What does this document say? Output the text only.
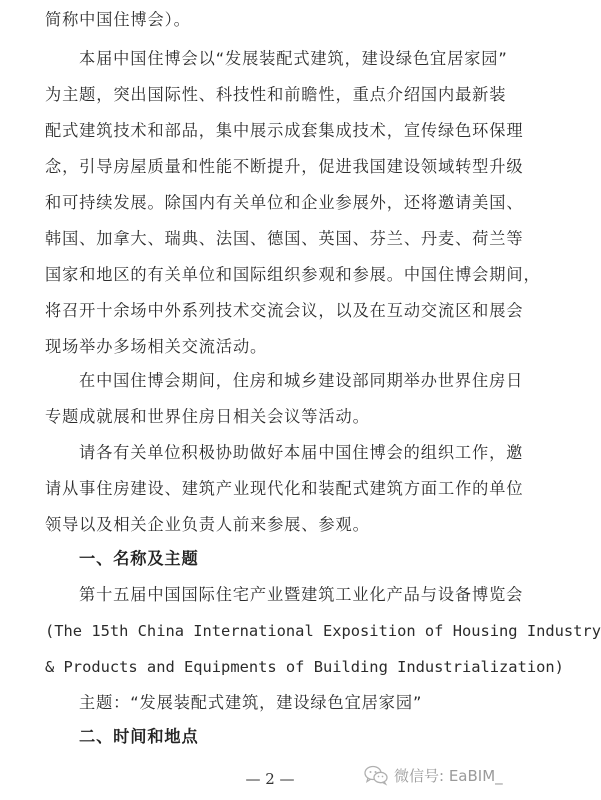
简称中国住博会）。
本届中国住博会以“发展装配式建筑，建设绿色宜居家园”
为主题，突出国际性、科技性和前瞻性，重点介绍国内最新装
配式建筑技术和部品，集中展示成套集成技术，宣传绿色环保理
念，引导房屋质量和性能不断提升，促进我国建设领域转型升级
和可持续发展。除国内有关单位和企业参展外，还将邀请美国、
韩国、加拿大、瑞典、法国、德国、英国、芬兰、丹麦、荷兰等
国家和地区的有关单位和国际组织参观和参展。中国住博会期间，
将召开十余场中外系列技术交流会议，以及在互动交流区和展会
现场举办多场相关交流活动。
在中国住博会期间，住房和城乡建设部同期举办世界住房日
专题成就展和世界住房日相关会议等活动。
请各有关单位积极协助做好本届中国住博会的组织工作，邀
请从事住房建设、建筑产业现代化和装配式建筑方面工作的单位
领导以及相关企业负责人前来参展、参观。
一、名称及主题
第十五届中国国际住宅产业暨建筑工业化产品与设备博览会
(The 15th China International Exposition of Housing Industry
& Products and Equipments of Building Industrialization)
主题：“发展装配式建筑，建设绿色宜居家园”
二、时间和地点
— 2 —	微信号: EaBIM_
